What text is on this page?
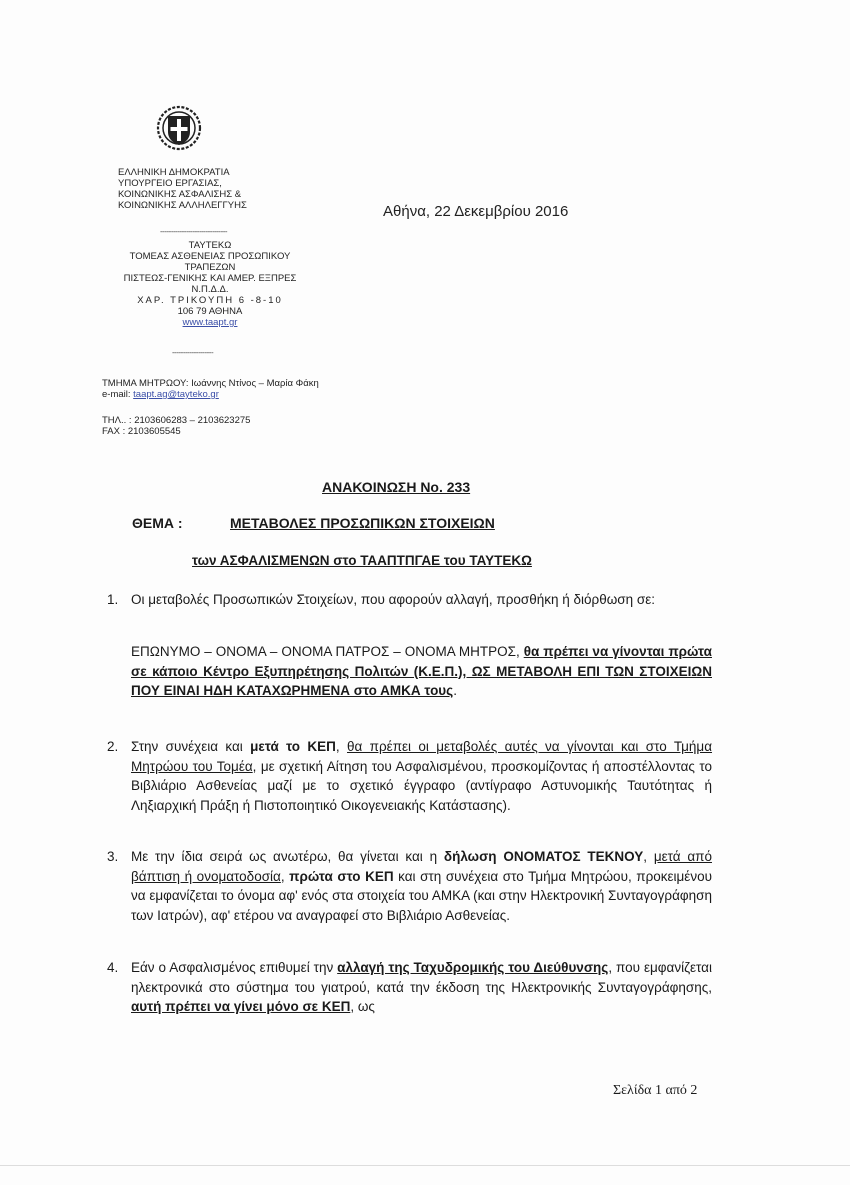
ΕΛΛΗΝΙΚΗ ΔΗΜΟΚΡΑΤΙΑ
ΥΠΟΥΡΓΕΙΟ ΕΡΓΑΣΙΑΣ,
ΚΟΙΝΩΝΙΚΗΣ ΑΣΦΑΛΙΣΗΣ &
ΚΟΙΝΩΝΙΚΗΣ ΑΛΛΗΛΕΓΓΥΗΣ
-------------------------------
ΤΑΥΤΕΚΩ
ΤΟΜΕΑΣ ΑΣΘΕΝΕΙΑΣ ΠΡΟΣΩΠΙΚΟΥ
ΤΡΑΠΕΖΩΝ
ΠΙΣΤΕΩΣ-ΓΕΝΙΚΗΣ ΚΑΙ ΑΜΕΡ. ΕΞΠΡΕΣ
Ν.Π.Δ.Δ.
ΧΑΡ. ΤΡΙΚΟΥΠΗ 6 -8-10
106 79 ΑΘΗΝΑ
www.taapt.gr
-------------------
ΤΜΗΜΑ ΜΗΤΡΩΟΥ: Ιωάννης Ντίνος – Μαρία Φάκη
e-mail: taapt.ag@tayteko.gr
ΤΗΛ.. : 2103606283 – 2103623275
FAX : 2103605545
Αθήνα, 22 Δεκεμβρίου 2016
ΑΝΑΚΟΙΝΩΣΗ Νο. 233
ΘΕΜΑ :	ΜΕΤΑΒΟΛΕΣ ΠΡΟΣΩΠΙΚΩΝ ΣΤΟΙΧΕΙΩΝ
των ΑΣΦΑΛΙΣΜΕΝΩΝ στο ΤΑΑΠΤΠΓΑΕ του ΤΑΥΤΕΚΩ
1. Οι μεταβολές Προσωπικών Στοιχείων, που αφορούν αλλαγή, προσθήκη ή διόρθωση σε:
ΕΠΩΝΥΜΟ – ΟΝΟΜΑ – ΟΝΟΜΑ ΠΑΤΡΟΣ – ΟΝΟΜΑ ΜΗΤΡΟΣ, θα πρέπει να γίνονται πρώτα σε κάποιο Κέντρο Εξυπηρέτησης Πολιτών (Κ.Ε.Π.), ΩΣ ΜΕΤΑΒΟΛΗ ΕΠΙ ΤΩΝ ΣΤΟΙΧΕΙΩΝ ΠΟΥ ΕΙΝΑΙ ΗΔΗ ΚΑΤΑΧΩΡΗΜΕΝΑ στο ΑΜΚΑ τους.
2. Στην συνέχεια και μετά το ΚΕΠ, θα πρέπει οι μεταβολές αυτές να γίνονται και στο Τμήμα Μητρώου του Τομέα, με σχετική Αίτηση του Ασφαλισμένου, προσκομίζοντας ή αποστέλλοντας το Βιβλιάριο Ασθενείας μαζί με το σχετικό έγγραφο (αντίγραφο Αστυνομικής Ταυτότητας ή Ληξιαρχική Πράξη ή Πιστοποιητικό Οικογενειακής Κατάστασης).
3. Με την ίδια σειρά ως ανωτέρω, θα γίνεται και η δήλωση ΟΝΟΜΑΤΟΣ ΤΕΚΝΟΥ, μετά από βάπτιση ή ονοματοδοσία, πρώτα στο ΚΕΠ και στη συνέχεια στο Τμήμα Μητρώου, προκειμένου να εμφανίζεται το όνομα αφ' ενός στα στοιχεία του ΑΜΚΑ (και στην Ηλεκτρονική Συνταγογράφηση των Ιατρών), αφ' ετέρου να αναγραφεί στο Βιβλιάριο Ασθενείας.
4. Εάν ο Ασφαλισμένος επιθυμεί την αλλαγή της Ταχυδρομικής του Διεύθυνσης, που εμφανίζεται ηλεκτρονικά στο σύστημα του γιατρού, κατά την έκδοση της Ηλεκτρονικής Συνταγογράφησης, αυτή πρέπει να γίνει μόνο σε ΚΕΠ, ως
Σελίδα 1 από 2
